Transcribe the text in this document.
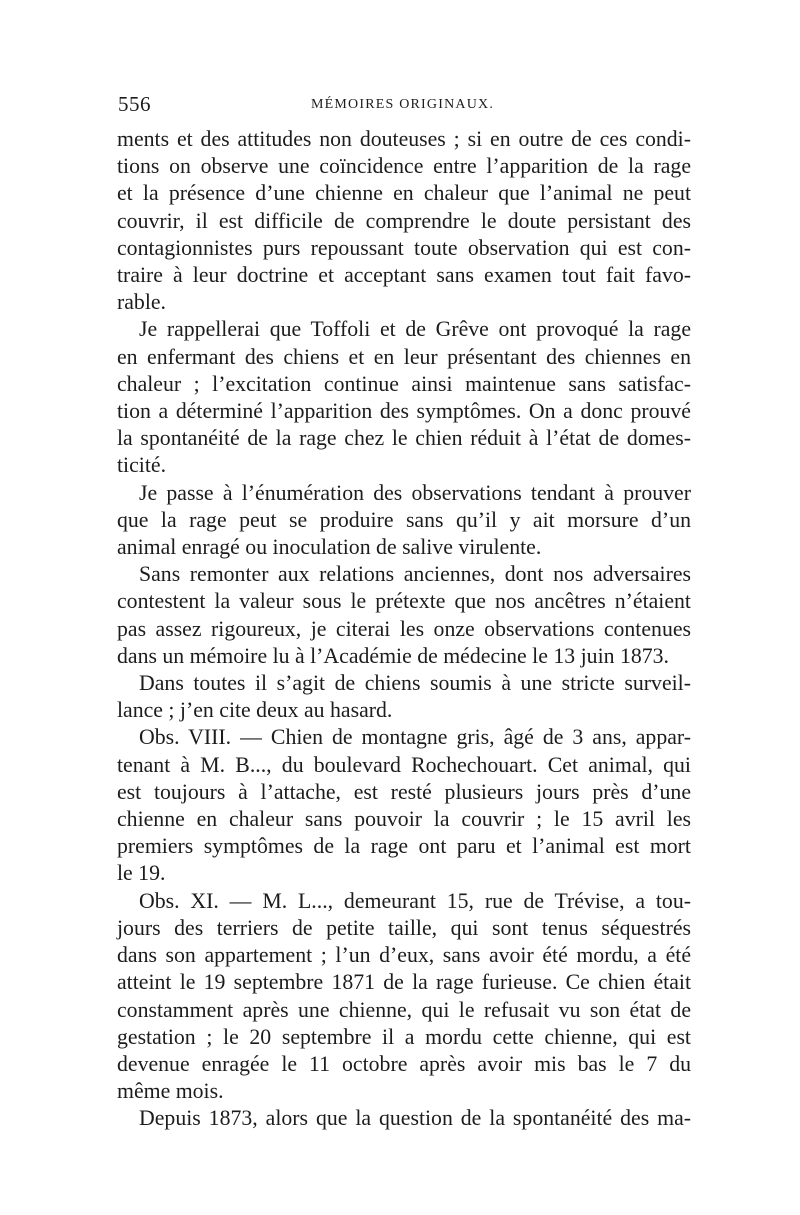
556	MÉMOIRES ORIGINAUX.

ments et des attitudes non douteuses ; si en outre de ces condi-
tions on observe une coïncidence entre l’apparition de la rage
et la présence d’une chienne en chaleur que l’animal ne peut
couvrir, il est difficile de comprendre le doute persistant des
contagionnistes purs repoussant toute observation qui est con-
traire à leur doctrine et acceptant sans examen tout fait favo-
rable.

Je rappellerai que Toffoli et de Grêve ont provoqué la rage
en enfermant des chiens et en leur présentant des chiennes en
chaleur ; l’excitation continue ainsi maintenue sans satisfac-
tion a déterminé l’apparition des symptômes. On a donc prouvé
la spontanéité de la rage chez le chien réduit à l’état de domes-
ticité.

Je passe à l’énumération des observations tendant à prouver
que la rage peut se produire sans qu’il y ait morsure d’un
animal enragé ou inoculation de salive virulente.

Sans remonter aux relations anciennes, dont nos adversaires
contestent la valeur sous le prétexte que nos ancêtres n’étaient
pas assez rigoureux, je citerai les onze observations contenues
dans un mémoire lu à l’Académie de médecine le 13 juin 1873.

Dans toutes il s’agit de chiens soumis à une stricte surveil-
lance ; j’en cite deux au hasard.

Obs. VIII. — Chien de montagne gris, âgé de 3 ans, appar-
tenant à M. B..., du boulevard Rochechouart. Cet animal, qui
est toujours à l’attache, est resté plusieurs jours près d’une
chienne en chaleur sans pouvoir la couvrir ; le 15 avril les
premiers symptômes de la rage ont paru et l’animal est mort
le 19.

Obs. XI. — M. L..., demeurant 15, rue de Trévise, a tou-
jours des terriers de petite taille, qui sont tenus séquestrés
dans son appartement ; l’un d’eux, sans avoir été mordu, a été
atteint le 19 septembre 1871 de la rage furieuse. Ce chien était
constamment après une chienne, qui le refusait vu son état de
gestation ; le 20 septembre il a mordu cette chienne, qui est
devenue enragée le 11 octobre après avoir mis bas le 7 du
même mois.

Depuis 1873, alors que la question de la spontanéité des ma-
